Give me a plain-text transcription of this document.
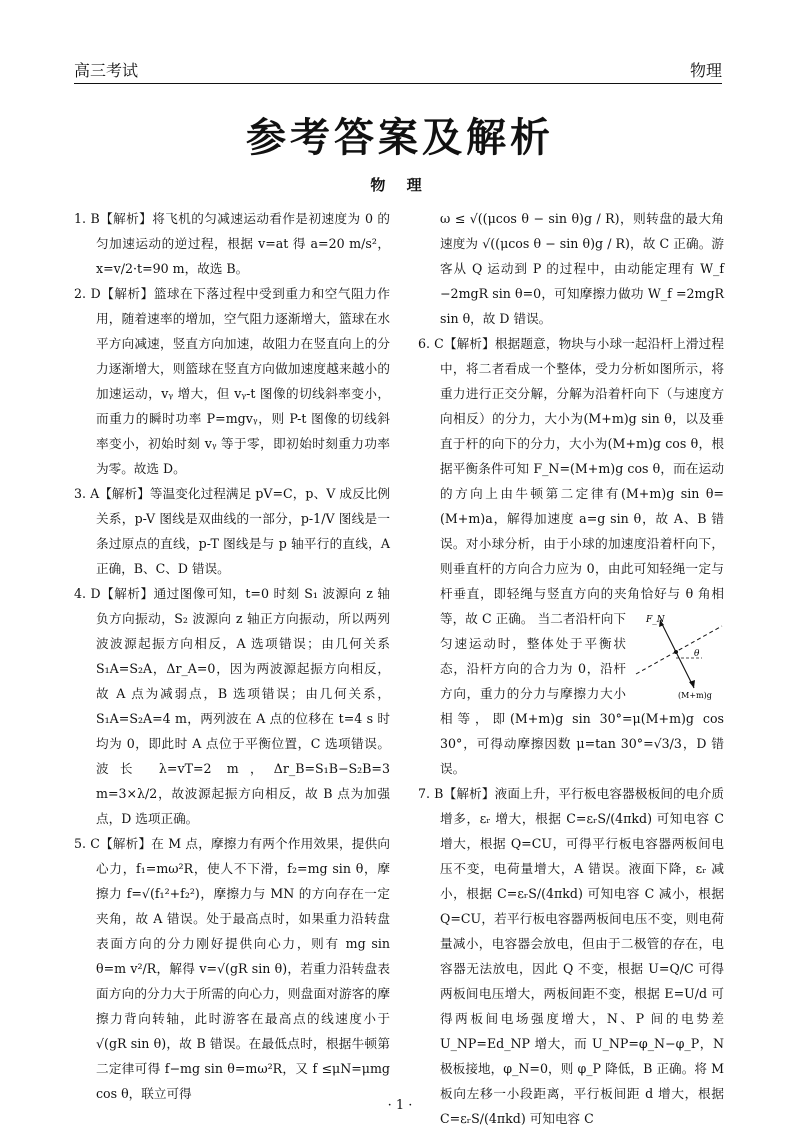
高三考试	物理
参考答案及解析
物 理

1. B【解析】将飞机的匀减速运动看作是初速度为 0 的匀加速运动的逆过程，根据 v=at 得 a=20 m/s²，x=v/2·t=90 m，故选 B。

2. D【解析】篮球在下落过程中受到重力和空气阻力作用，随着速率的增加，空气阻力逐渐增大，篮球在水平方向减速，竖直方向加速，故阻力在竖直向上的分力逐渐增大，则篮球在竖直方向做加速度越来越小的加速运动，vᵧ 增大，但 vᵧ-t 图像的切线斜率变小，而重力的瞬时功率 P=mgvᵧ，则 P-t 图像的切线斜率变小，初始时刻 vᵧ 等于零，即初始时刻重力功率为零。故选 D。

3. A【解析】等温变化过程满足 pV=C，p、V 成反比例关系，p-V 图线是双曲线的一部分，p-1/V 图线是一条过原点的直线，p-T 图线是与 p 轴平行的直线，A 正确，B、C、D 错误。

4. D【解析】通过图像可知，t=0 时刻 S₁ 波源向 z 轴负方向振动，S₂ 波源向 z 轴正方向振动，所以两列波波源起振方向相反，A 选项错误；由几何关系 S₁A=S₂A，Δr_A=0，因为两波源起振方向相反，故 A 点为减弱点，B 选项错误；由几何关系，S₁A=S₂A=4 m，两列波在 A 点的位移在 t=4 s 时均为 0，即此时 A 点位于平衡位置，C 选项错误。波长 λ=vT=2 m，Δr_B=S₁B−S₂B=3 m=3×λ/2，故波源起振方向相反，故 B 点为加强点，D 选项正确。

5. C【解析】在 M 点，摩擦力有两个作用效果，提供向心力，f₁=mω²R，使人不下滑，f₂=mg sin θ，摩擦力 f=√(f₁²+f₂²)，摩擦力与 MN 的方向存在一定夹角，故 A 错误。处于最高点时，如果重力沿转盘表面方向的分力刚好提供向心力，则有 mg sin θ=m v²/R，解得 v=√(gR sin θ)，若重力沿转盘表面方向的分力大于所需的向心力，则盘面对游客的摩擦力背向转轴，此时游客在最高点的线速度小于 √(gR sin θ)，故 B 错误。在最低点时，根据牛顿第二定律可得 f−mg sin θ=mω²R，又 f ≤μN=μmg cos θ，联立可得

ω ≤ √((μcos θ − sin θ)g / R)，则转盘的最大角速度为 √((μcos θ − sin θ)g / R)，故 C 正确。游客从 Q 运动到 P 的过程中，由动能定理有 W_f −2mgR sin θ=0，可知摩擦力做功 W_f =2mgR sin θ，故 D 错误。

6. C【解析】根据题意，物块与小球一起沿杆上滑过程中，将二者看成一个整体，受力分析如图所示，将重力进行正交分解，分解为沿着杆向下（与速度方向相反）的分力，大小为(M+m)g sin θ，以及垂直于杆的向下的分力，大小为(M+m)g cos θ，根据平衡条件可知 F_N=(M+m)g cos θ，而在运动的方向上由牛顿第二定律有(M+m)g sin θ=(M+m)a，解得加速度 a=g sin θ，故 A、B 错误。对小球分析，由于小球的加速度沿着杆向下，则垂直杆的方向合力应为 0，由此可知轻绳一定与杆垂直，即轻绳与竖直方向的夹角恰好与 θ 角相等，故 C 正确。	F_N
θ
(M+m)g
当二者沿杆向下匀速运动时，整体处于平衡状态，沿杆方向的合力为 0，沿杆方向，重力的分力与摩擦力大小相等，即(M+m)g sin 30°=μ(M+m)g cos 30°，可得动摩擦因数 μ=tan 30°=√3/3，D 错误。

7. B【解析】液面上升，平行板电容器极板间的电介质增多，εᵣ 增大，根据 C=εᵣS/(4πkd) 可知电容 C 增大，根据 Q=CU，可得平行板电容器两板间电压不变，电荷量增大，A 错误。液面下降，εᵣ 减小，根据 C=εᵣS/(4πkd) 可知电容 C 减小，根据 Q=CU，若平行板电容器两板间电压不变，则电荷量减小，电容器会放电，但由于二极管的存在，电容器无法放电，因此 Q 不变，根据 U=Q/C 可得两板间电压增大，两板间距不变，根据 E=U/d 可得两板间电场强度增大，N、P 间的电势差 U_NP=Ed_NP 增大，而 U_NP=φ_N−φ_P，N 极板接地，φ_N=0，则 φ_P 降低，B 正确。将 M 板向左移一小段距离，平行板间距 d 增大，根据 C=εᵣS/(4πkd) 可知电容 C

· 1 ·
